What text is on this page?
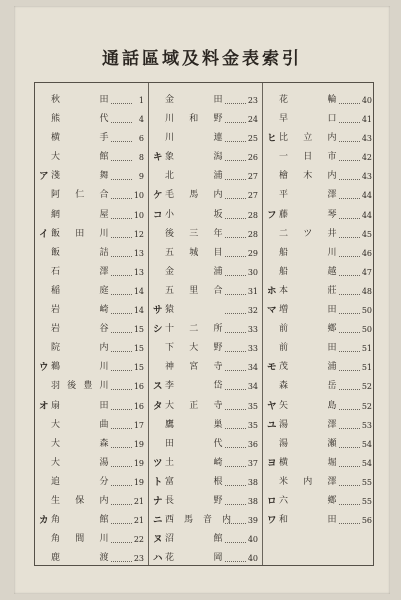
通話區域及料金表索引
秋　田	1
熊　代	4
横　手	6
大　館	8
ア 淺　舞	9
阿　仁　合	10
網　屋	10
イ 飯　田　川	12
飯　詰	13
石　澤	13
稲　庭	14
岩　崎	14
岩　谷	15
院　内	15
ウ 鵜　川	15
羽後豊川	16
オ 扇　田	16
大　曲	17
大　森	19
大　湯	19
追　分	19
生　保　内	21
カ 角　館	21
角　間　川	22
鹿　渡	23
金　田	23
川　和　野	24
川　連	25
キ 象　潟	26
北　浦	27
ケ 毛　馬　内	27
コ 小　坂	28
後　三　年	28
五　城　目	29
金　浦	30
五　里　合	31
サ 猿	32
シ 十　二　所	33
下　大　野	33
神　宮　寺	34
ス 李　岱	34
タ 大　正　寺	35
鷹　巣	35
田　代	36
ツ 土　崎	37
ト 富　根	38
ナ 長　野	38
ニ 西　馬　音　内	39
ヌ 沼　館	40
ハ 花　岡	40
花　輪	40
早　口	41
ヒ 比　立　内	43
一　日　市	42
檜　木　内	43
平　澤	44
フ 藤　琴	44
二　ツ　井	45
船　川	46
船　越	47
ホ 本　莊	48
マ 増　田	50
前　鄕	50
前　田	51
モ 茂　浦	51
森　岳	52
ヤ 矢　島	52
ユ 湯　澤	53
湯　瀬	54
ヨ 横　堀	54
米　内　澤	55
ロ 六　鄕	55
ワ 和　田	56
